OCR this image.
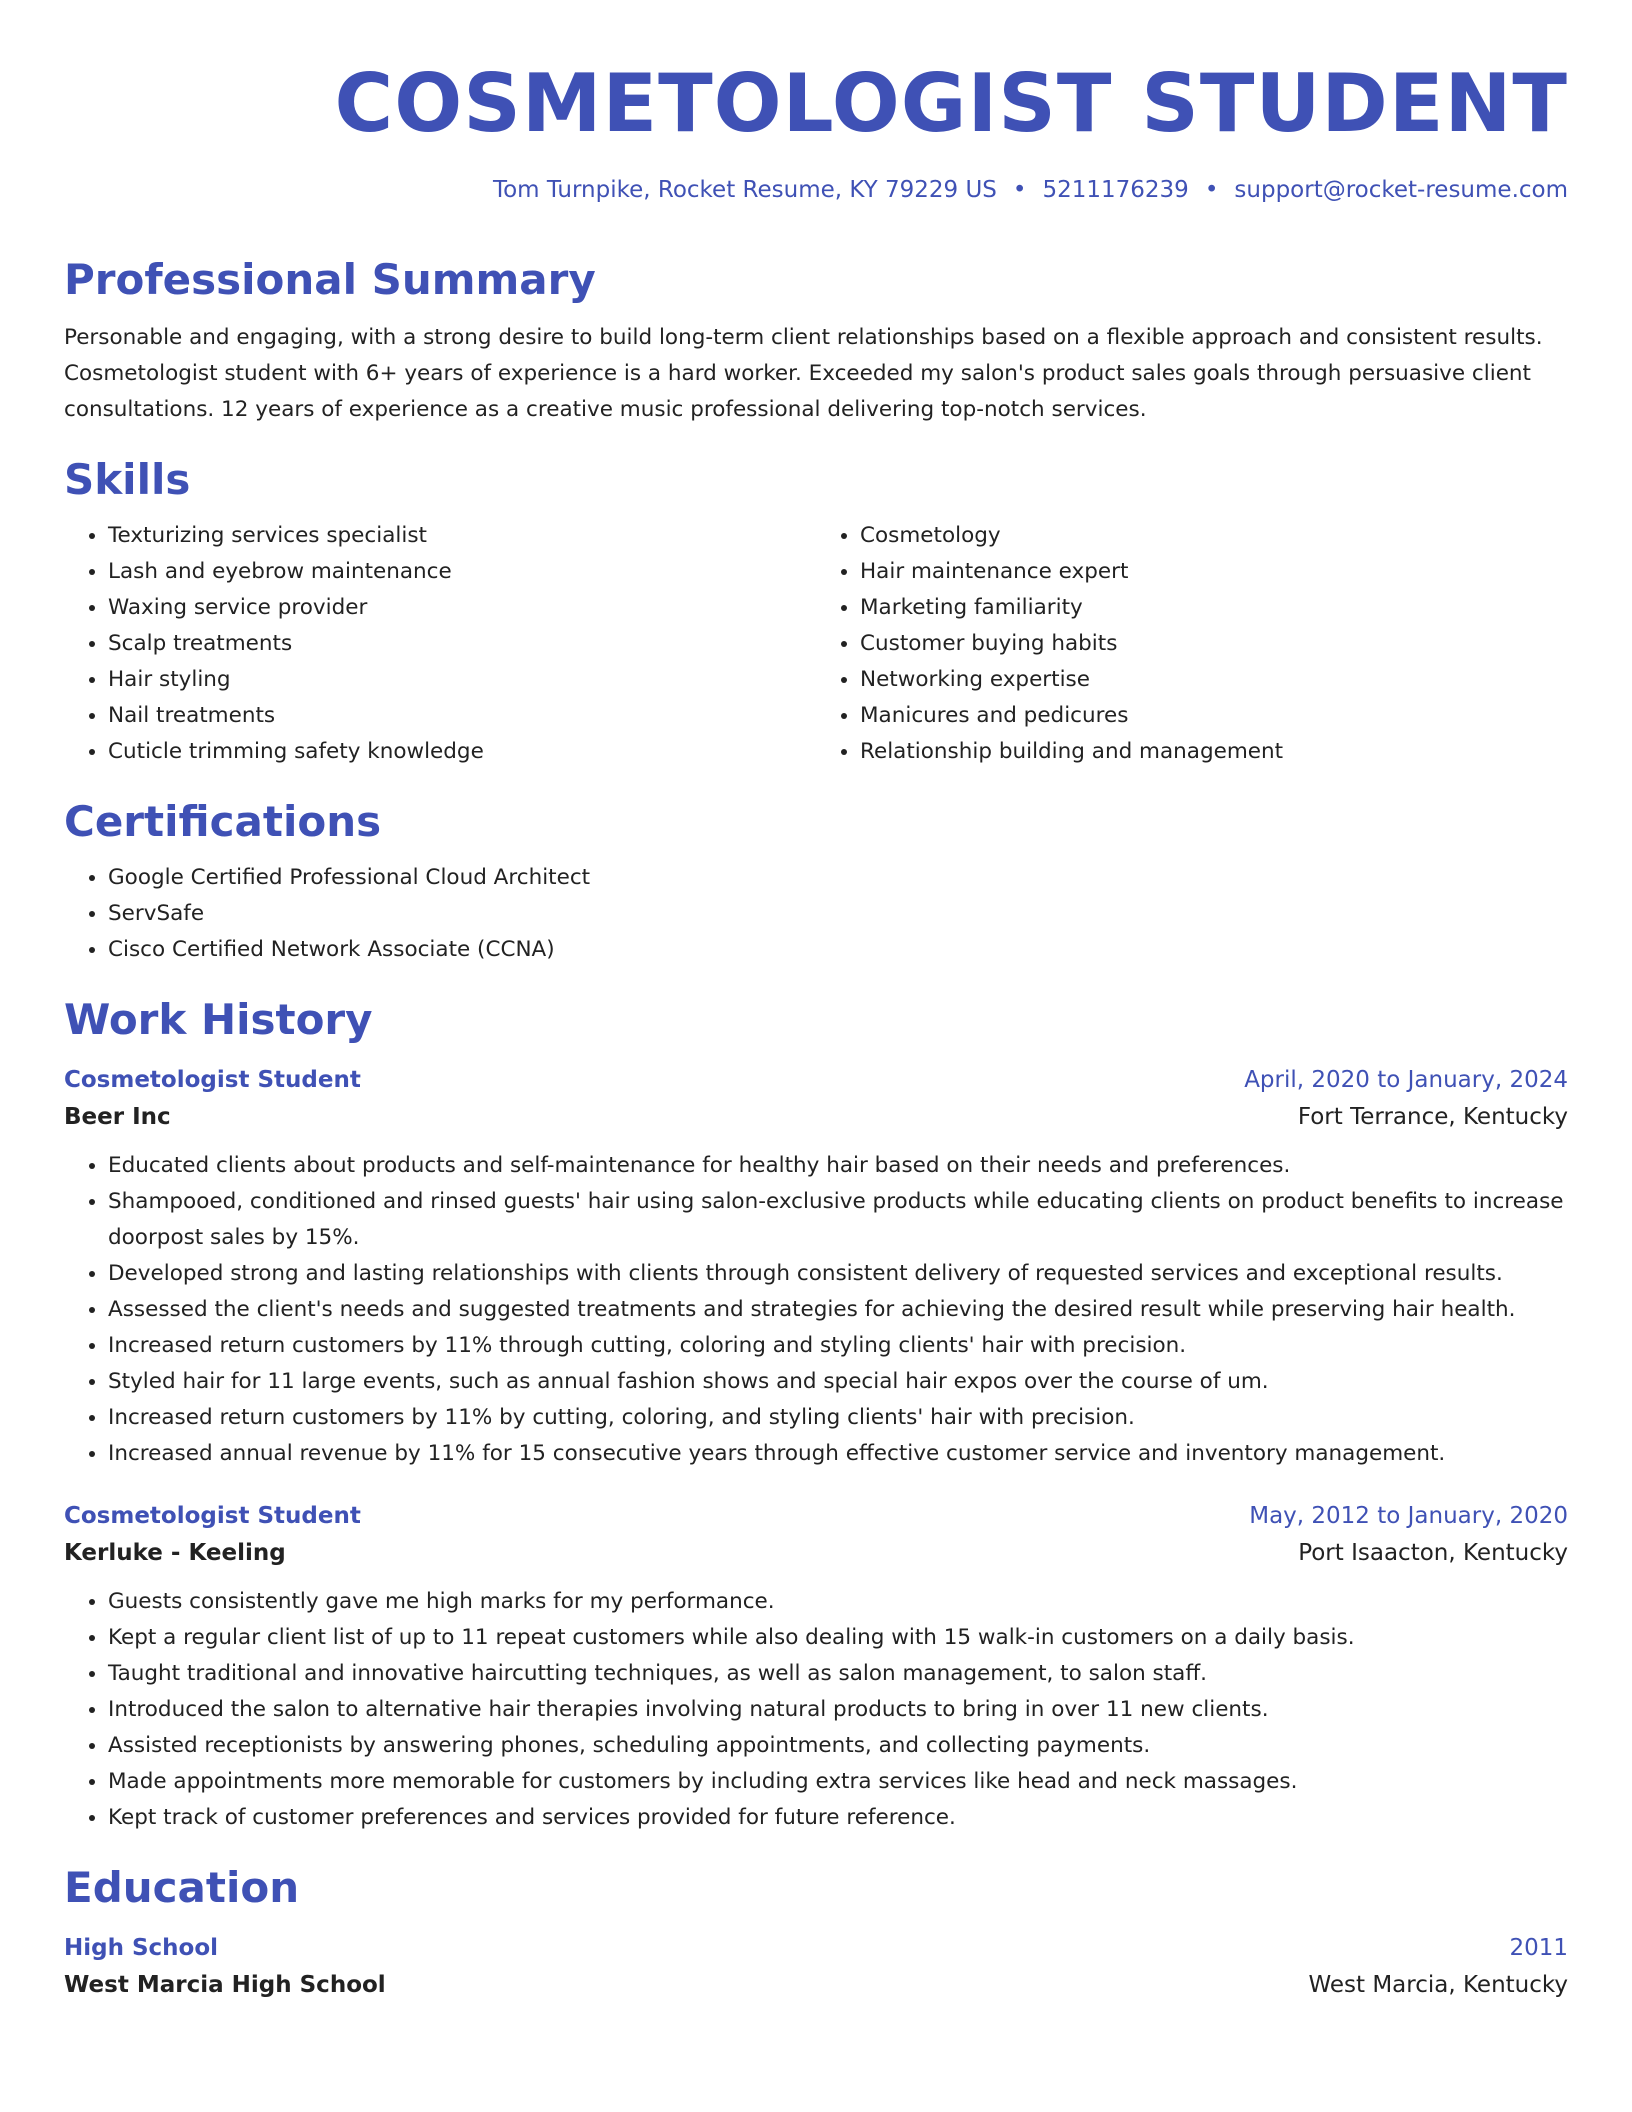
COSMETOLOGIST STUDENT
Tom Turnpike, Rocket Resume, KY 79229 US • 5211176239 • support@rocket-resume.com
Professional Summary

Personable and engaging, with a strong desire to build long-term client relationships based on a flexible approach and consistent results. Cosmetologist student with 6+ years of experience is a hard worker. Exceeded my salon's product sales goals through persuasive client consultations. 12 years of experience as a creative music professional delivering top-notch services.

Skills
• Texturizing services specialist
• Lash and eyebrow maintenance
• Waxing service provider
• Scalp treatments
• Hair styling
• Nail treatments
• Cuticle trimming safety knowledge
• Cosmetology
• Hair maintenance expert
• Marketing familiarity
• Customer buying habits
• Networking expertise
• Manicures and pedicures
• Relationship building and management
Certifications
• Google Certified Professional Cloud Architect
• ServSafe
• Cisco Certified Network Associate (CCNA)
Work History
Cosmetologist Student	April, 2020 to January, 2024
Beer Inc	Fort Terrance, Kentucky
• Educated clients about products and self-maintenance for healthy hair based on their needs and preferences.
• Shampooed, conditioned and rinsed guests' hair using salon-exclusive products while educating clients on product benefits to increase doorpost sales by 15%.
• Developed strong and lasting relationships with clients through consistent delivery of requested services and exceptional results.
• Assessed the client's needs and suggested treatments and strategies for achieving the desired result while preserving hair health.
• Increased return customers by 11% through cutting, coloring and styling clients' hair with precision.
• Styled hair for 11 large events, such as annual fashion shows and special hair expos over the course of um.
• Increased return customers by 11% by cutting, coloring, and styling clients' hair with precision.
• Increased annual revenue by 11% for 15 consecutive years through effective customer service and inventory management.
Cosmetologist Student	May, 2012 to January, 2020
Kerluke - Keeling	Port Isaacton, Kentucky
• Guests consistently gave me high marks for my performance.
• Kept a regular client list of up to 11 repeat customers while also dealing with 15 walk-in customers on a daily basis.
• Taught traditional and innovative haircutting techniques, as well as salon management, to salon staff.
• Introduced the salon to alternative hair therapies involving natural products to bring in over 11 new clients.
• Assisted receptionists by answering phones, scheduling appointments, and collecting payments.
• Made appointments more memorable for customers by including extra services like head and neck massages.
• Kept track of customer preferences and services provided for future reference.
Education
High School	2011
West Marcia High School	West Marcia, Kentucky
